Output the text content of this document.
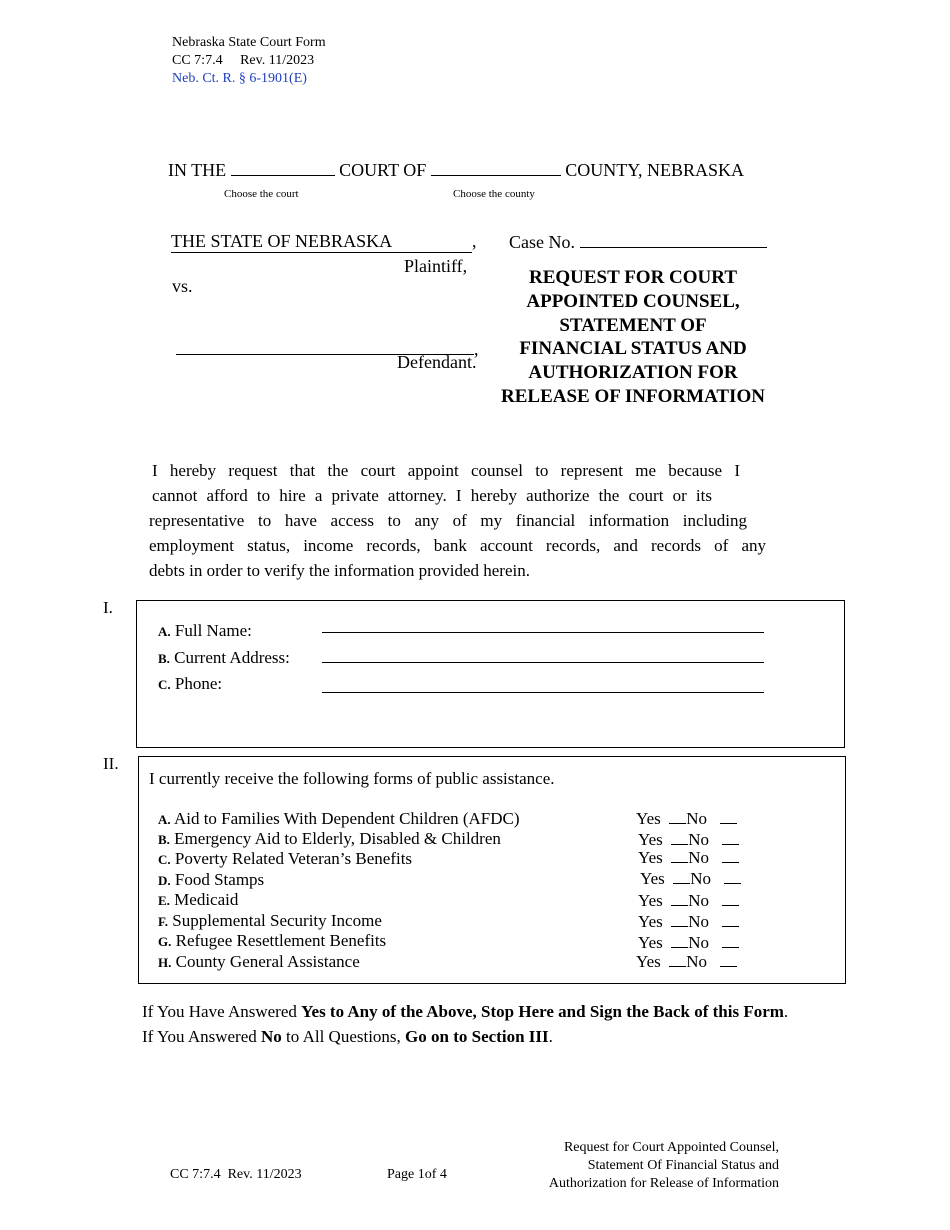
Nebraska State Court Form
CC 7:7.4     Rev. 11/2023
Neb. Ct. R. § 6-1901(E)
IN THE	COURT OF	COUNTY, NEBRASKA
Choose the court	Choose the county
THE STATE OF NEBRASKA	,
Plaintiff,
vs.
,
Defendant.
Case No.
REQUEST FOR COURT
APPOINTED COUNSEL,
STATEMENT OF
FINANCIAL STATUS AND
AUTHORIZATION FOR
RELEASE OF INFORMATION
I hereby request that the court appoint counsel to represent me because I
cannot afford to hire a private attorney. I hereby authorize the court or its
representative to have access to any of my financial information including
employment status, income records, bank account records, and records of any
debts in order to verify the information provided herein.
I.
A. Full Name:
B. Current Address:
C. Phone:
II.
I currently receive the following forms of public assistance.
A. Aid to Families With Dependent Children (AFDC)	Yes No
B. Emergency Aid to Elderly, Disabled & Children	Yes No
C. Poverty Related Veteran’s Benefits	Yes No
D. Food Stamps	Yes No
E. Medicaid	Yes No
F. Supplemental Security Income	Yes No
G. Refugee Resettlement Benefits	Yes No
H. County General Assistance	Yes No
If You Have Answered Yes to Any of the Above, Stop Here and Sign the Back of this Form.
If You Answered No to All Questions, Go on to Section III.
CC 7:7.4  Rev. 11/2023	Page 1of 4
Request for Court Appointed Counsel,
Statement Of Financial Status and
Authorization for Release of Information
